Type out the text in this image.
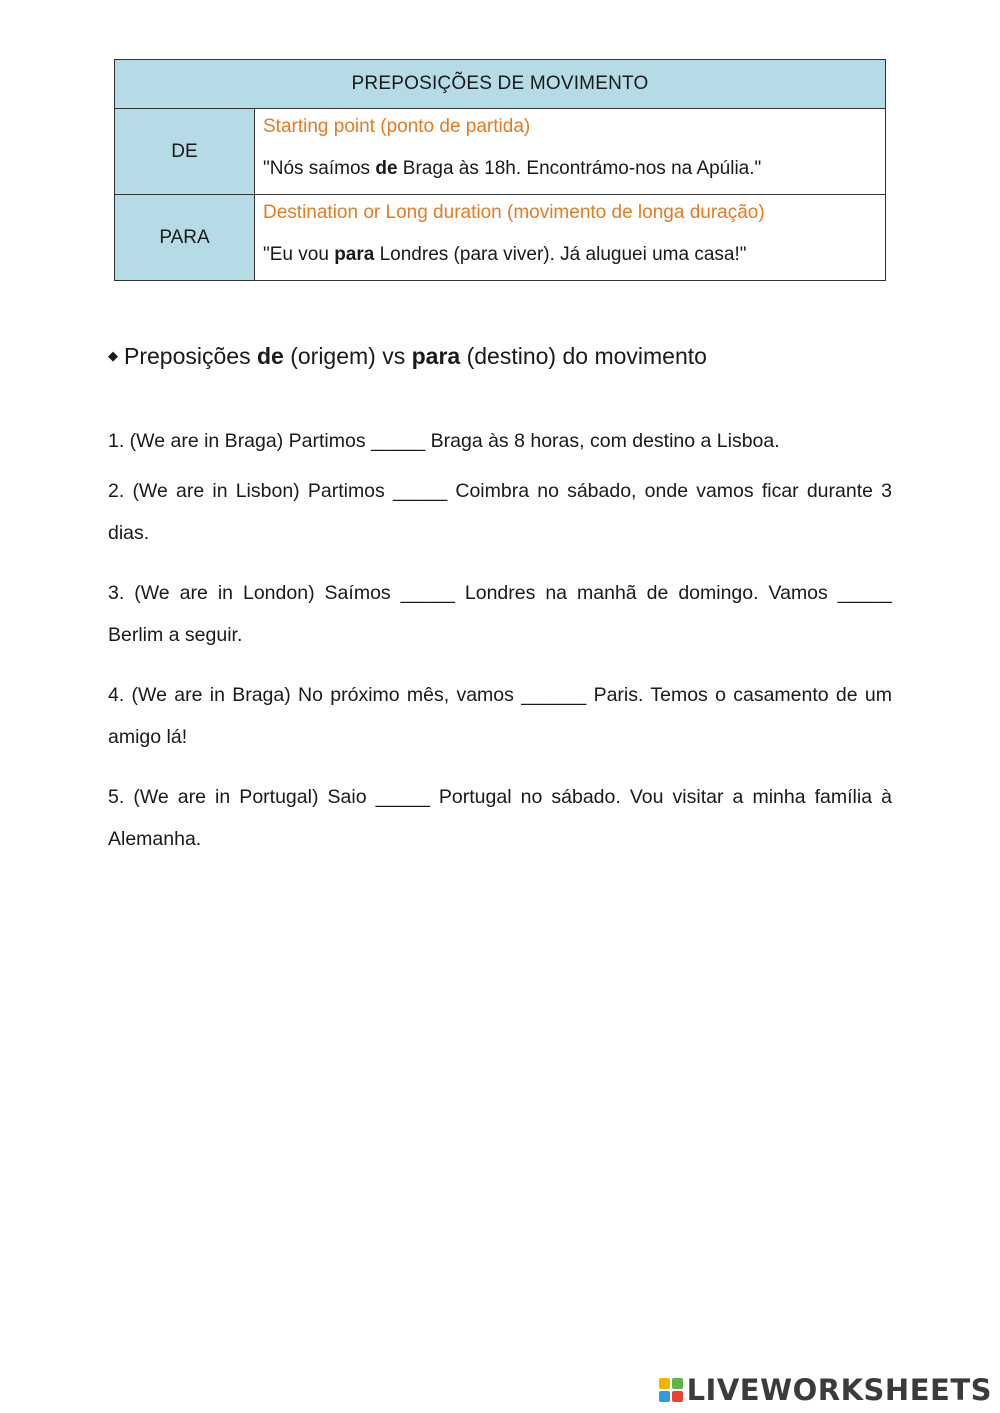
PREPOSIÇÕES DE MOVIMENTO	
DE	Starting point (ponto de partida)
"Nós saímos de Braga às 18h. Encontrámo-nos na Apúlia."

PARA	Destination or Long duration (movimento de longa duração)
"Eu vou para Londres (para viver). Já aluguei uma casa!"
◆ Preposições de (origem) vs para (destino) do movimento

1. (We are in Braga) Partimos _____ Braga às 8 horas, com destino a Lisboa.

2. (We are in Lisbon) Partimos _____ Coimbra no sábado, onde vamos ficar durante 3 dias.

3. (We are in London) Saímos _____ Londres na manhã de domingo. Vamos _____ Berlim a seguir.

4. (We are in Braga) No próximo mês, vamos ______ Paris. Temos o casamento de um amigo lá!

5. (We are in Portugal) Saio _____ Portugal no sábado. Vou visitar a minha família à Alemanha.

LIVEWORKSHEETS
